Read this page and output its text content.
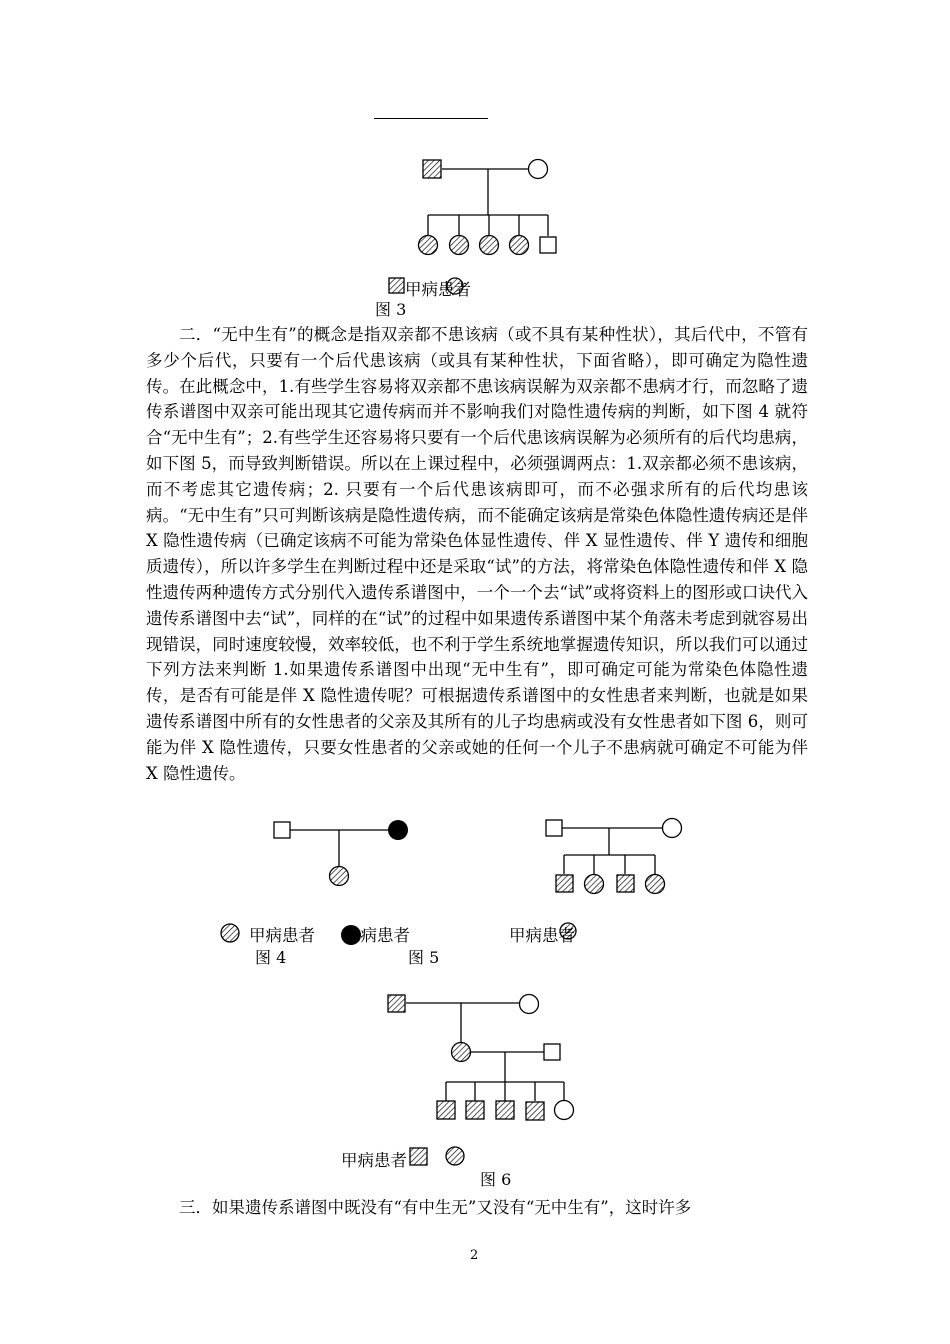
甲病患者
图 3

二．“无中生有”的概念是指双亲都不患该病（或不具有某种性状），其后代中，不管有多少个后代，只要有一个后代患该病（或具有某种性状，下面省略），即可确定为隐性遗传。在此概念中，1.有些学生容易将双亲都不患该病误解为双亲都不患病才行，而忽略了遗传系谱图中双亲可能出现其它遗传病而并不影响我们对隐性遗传病的判断，如下图 4 就符合“无中生有”；2.有些学生还容易将只要有一个后代患该病误解为必须所有的后代均患病，如下图 5，而导致判断错误。所以在上课过程中，必须强调两点：1.双亲都必须不患该病，而不考虑其它遗传病；2. 只要有一个后代患该病即可，而不必强求所有的后代均患该病。“无中生有”只可判断该病是隐性遗传病，而不能确定该病是常染色体隐性遗传病还是伴 X 隐性遗传病（已确定该病不可能为常染色体显性遗传、伴 X 显性遗传、伴 Y 遗传和细胞质遗传），所以许多学生在判断过程中还是采取“试”的方法，将常染色体隐性遗传和伴 X 隐性遗传两种遗传方式分别代入遗传系谱图中，一个一个去“试”或将资料上的图形或口诀代入遗传系谱图中去“试”，同样的在“试”的过程中如果遗传系谱图中某个角落未考虑到就容易出现错误，同时速度较慢，效率较低，也不利于学生系统地掌握遗传知识，所以我们可以通过下列方法来判断 1.如果遗传系谱图中出现“无中生有”，即可确定可能为常染色体隐性遗传，是否有可能是伴 X 隐性遗传呢？可根据遗传系谱图中的女性患者来判断，也就是如果遗传系谱图中所有的女性患者的父亲及其所有的儿子均患病或没有女性患者如下图 6，则可能为伴 X 隐性遗传，只要女性患者的父亲或她的任何一个儿子不患病就可确定不可能为伴 X 隐性遗传。

甲病患者 乙病患者
图 4
甲病患者
图 5
甲病患者
图 6

三．如果遗传系谱图中既没有“有中生无”又没有“无中生有”，这时许多

2
